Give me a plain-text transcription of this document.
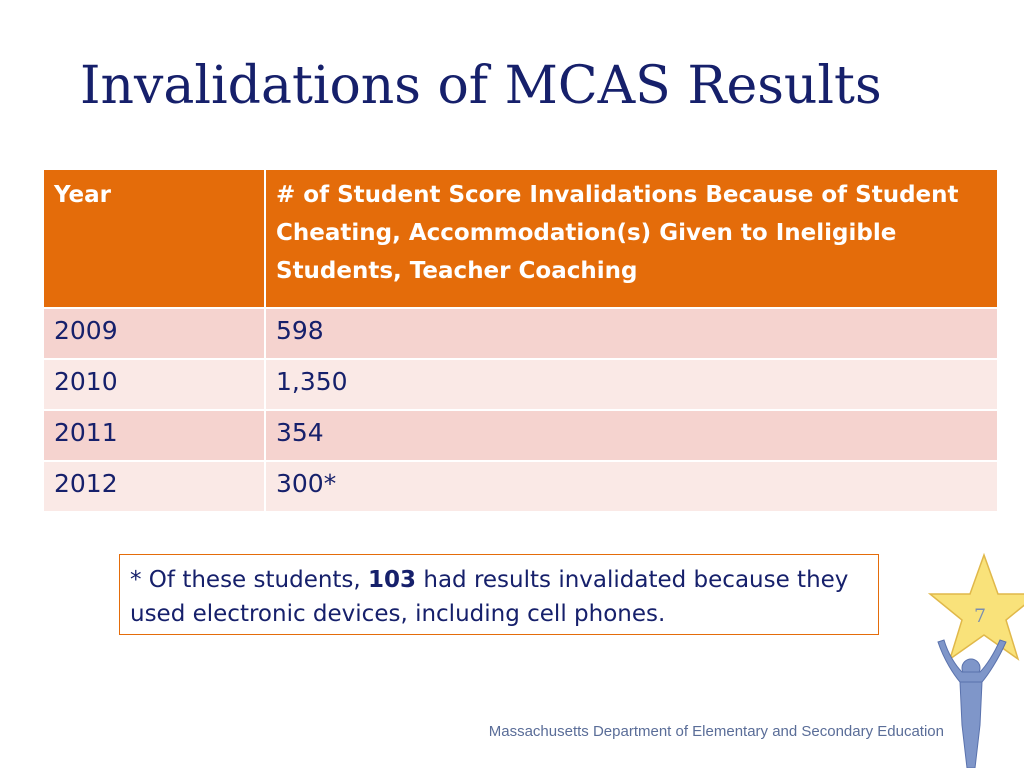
Invalidations of MCAS Results
Year	# of Student Score Invalidations Because of Student Cheating, Accommodation(s) Given to Ineligible Students, Teacher Coaching
2009	598
2010	1,350
2011	354
2012	300*
* Of these students, 103 had results invalidated because they used electronic devices, including cell phones.	7
Massachusetts Department of Elementary and Secondary Education
